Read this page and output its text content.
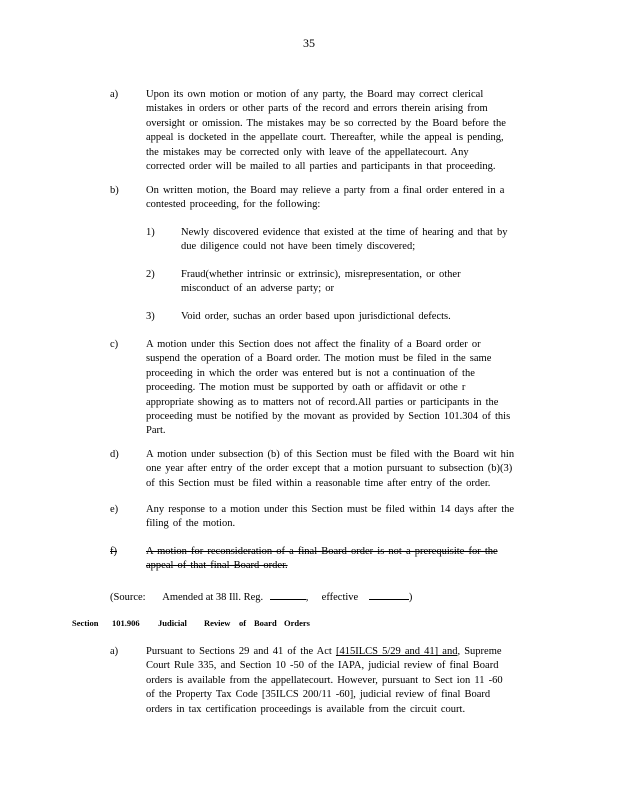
35
a)	Upon its own motion or motion of any party, the Board may correct clerical
mistakes in orders or other parts of the record and errors therein arising from
oversight or omission. The mistakes may be so corrected by the Board before the
appeal is docketed in the appellate court. Thereafter, while the appeal is pending,
the mistakes may be corrected only with leave of the appellatecourt. Any
corrected order will be mailed to all parties and participants in that proceeding.
b)	On written motion, the Board may relieve a party from a final order entered in a
contested proceeding, for the following:
1)	Newly discovered evidence that existed at the time of hearing and that by
due diligence could not have been timely discovered;
2)	Fraud(whether intrinsic or extrinsic), misrepresentation, or other
misconduct of an adverse party; or
3)	Void order, suchas an order based upon jurisdictional defects.
c)	A motion under this Section does not affect the finality of a Board order or
suspend the operation of a Board order. The motion must be filed in the same
proceeding in which the order was entered but is not a continuation of the
proceeding. The motion must be supported by oath or affidavit or othe r
appropriate showing as to matters not of record.All parties or participants in the
proceeding must be notified by the movant as provided by Section 101.304 of this
Part.
d)	A motion under subsection (b) of this Section must be filed with the Board wit hin
one year after entry of the order except that a motion pursuant to subsection (b)(3)
of this Section must be filed within a reasonable time after entry of the order.
e)	Any response to a motion under this Section must be filed within 14 days after the
filing of the motion.
f)	A motion for reconsideration of a final Board order is not a prerequisite for the
appeal of that final Board order.
(Source: Amended at 38 Ill. Reg.	,  effective	)
Section 101.906 Judicial Review of Board Orders
a)	Pursuant to Sections 29 and 41 of the Act [415ILCS 5/29 and 41] and, Supreme
Court Rule 335, and Section 10 -50 of the IAPA, judicial review of final Board
orders is available from the appellatecourt. However, pursuant to Sect ion 11 -60
of the Property Tax Code [35ILCS 200/11 -60], judicial review of final Board
orders in tax certification proceedings is available from the circuit court.
